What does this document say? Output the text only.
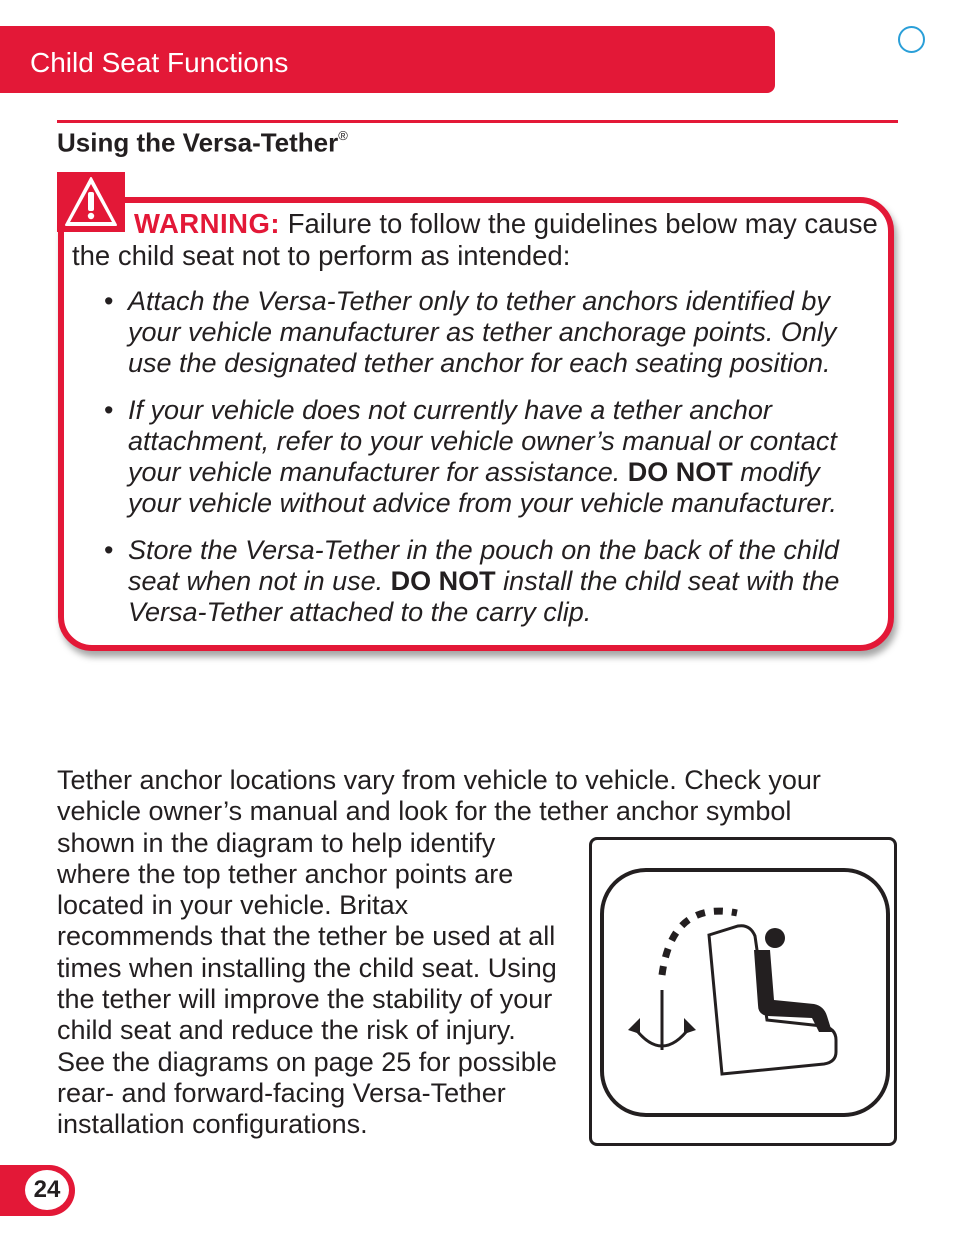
Child Seat Functions
Using the Versa-Tether®

WARNING: Failure to follow the guidelines below may cause the child seat not to perform as intended:

• Attach the Versa-Tether only to tether anchors identified by your vehicle manufacturer as tether anchorage points. Only use the designated tether anchor for each seating position.
• If your vehicle does not currently have a tether anchor attachment, refer to your vehicle owner’s manual or contact your vehicle manufacturer for assistance. DO NOT modify your vehicle without advice from your vehicle manufacturer.
• Store the Versa-Tether in the pouch on the back of the child seat when not in use. DO NOT install the child seat with the Versa-Tether attached to the carry clip.
Tether anchor locations vary from vehicle to vehicle. Check your
vehicle owner’s manual and look for the tether anchor symbol
shown in the diagram to help identify where the top tether anchor points are located in your vehicle. Britax recommends that the tether be used at all times when installing the child seat. Using the tether will improve the stability of your child seat and reduce the risk of injury. See the diagrams on page 25 for possible rear- and forward-facing Versa-Tether installation configurations.
24
